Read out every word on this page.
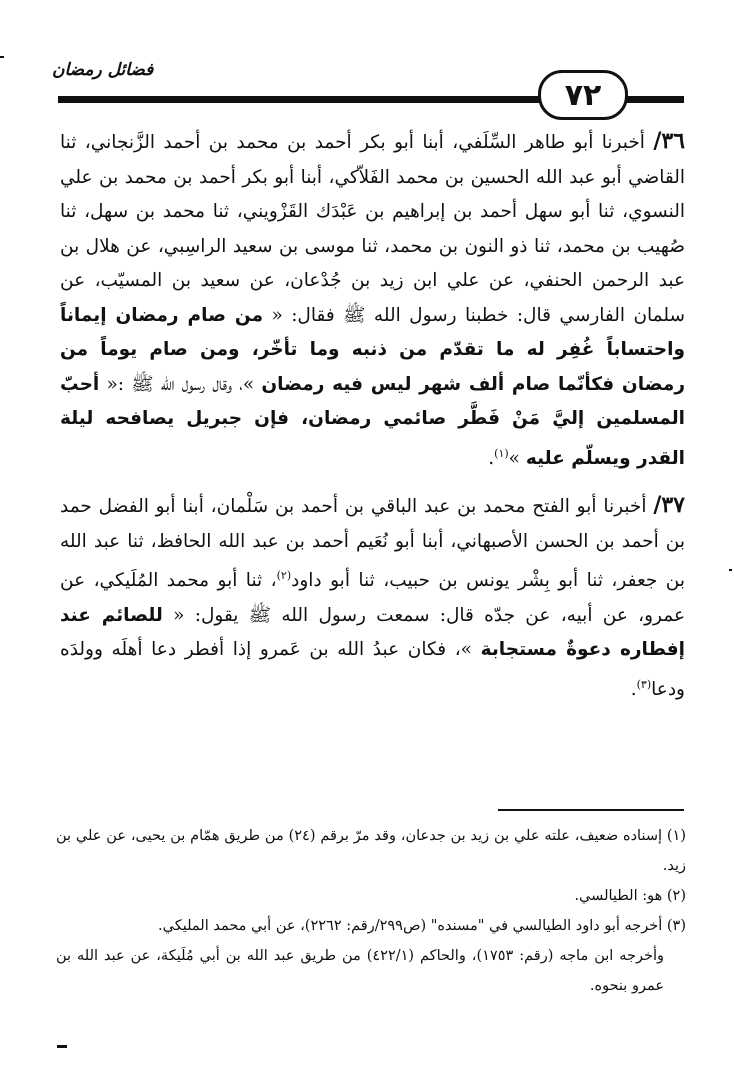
فضائل رمضان
٧٢

٣٦/ أخبرنا أبو طاهر السِّلَفي، أبنا أبو بكر أحمد بن محمد بن أحمد الزَّنجاني، ثنا القاضي أبو عبد الله الحسين بن محمد الفَلاّكي، أبنا أبو بكر أحمد بن محمد بن علي النسوي، ثنا أبو سهل أحمد بن إبراهيم بن عَبْدَك القَزْويني، ثنا محمد بن سهل، ثنا صُهيب بن محمد، ثنا ذو النون بن محمد، ثنا موسى بن سعيد الراسِبي، عن هلال بن عبد الرحمن الحنفي، عن علي ابن زيد بن جُدْعان، عن سعيد بن المسيّب، عن سلمان الفارسي قال: خطبنا رسول الله ﷺ فقال: « من صام رمضان إيماناً واحتساباً غُفِر له ما تقدّم من ذنبه وما تأخّر، ومن صام يوماً من رمضان فكأنّما صام ألف شهر ليس فيه رمضان »، وقال رسول الله ﷺ :« أحبّ المسلمين إليَّ مَنْ فَطَّر صائمي رمضان، فإن جبريل يصافحه ليلة القدر ويسلّم عليه »$^{(١)}$.

٣٧/ أخبرنا أبو الفتح محمد بن عبد الباقي بن أحمد بن سَلْمان، أبنا أبو الفضل حمد بن أحمد بن الحسن الأصبهاني، أبنا أبو نُعَيم أحمد بن عبد الله الحافظ، ثنا عبد الله بن جعفر، ثنا أبو بِشْر يونس بن حبيب، ثنا أبو داود$^{(٢)}$، ثنا أبو محمد المُلَيكي، عن عمرو، عن أبيه، عن جدّه قال: سمعت رسول الله ﷺ يقول: « للصائم عند إفطاره دعوةٌ مستجابة »، فكان عبدُ الله بن عَمرو إذا أفطر دعا أهلَه وولدَه ودعا$^{(٣)}$.

(١) إسناده ضعيف، علته علي بن زيد بن جدعان، وقد مرّ برقم (٢٤) من طريق همّام بن يحيى، عن علي بن زيد.

(٢) هو: الطيالسي.

(٣) أخرجه أبو داود الطيالسي في "مسنده" (ص٢٩٩/رقم: ٢٢٦٢)، عن أبي محمد المليكي.

وأخرجه ابن ماجه (رقم: ١٧٥٣)، والحاكم (٤٢٢/١) من طريق عبد الله بن أبي مُلَيكة، عن عبد الله بن عمرو بنحوه.
